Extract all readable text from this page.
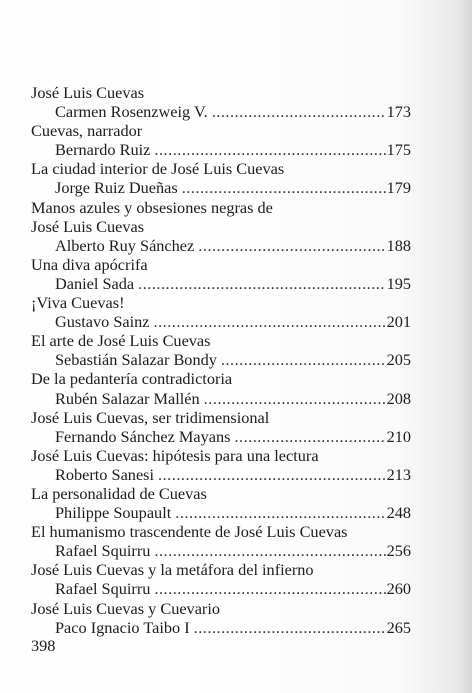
José Luis Cuevas
Carmen Rosenzweig V. .....	173
Cuevas, narrador
Bernardo Ruiz .....	175
La ciudad interior de José Luis Cuevas
Jorge Ruiz Dueñas .....	179
Manos azules y obsesiones negras de
José Luis Cuevas
Alberto Ruy Sánchez .....	188
Una diva apócrifa
Daniel Sada .....	195
¡Viva Cuevas!
Gustavo Sainz .....	201
El arte de José Luis Cuevas
Sebastián Salazar Bondy .....	205
De la pedantería contradictoria
Rubén Salazar Mallén .....	208
José Luis Cuevas, ser tridimensional
Fernando Sánchez Mayans .....	210
José Luis Cuevas: hipótesis para una lectura
Roberto Sanesi .....	213
La personalidad de Cuevas
Philippe Soupault .....	248
El humanismo trascendente de José Luis Cuevas
Rafael Squirru .....	256
José Luis Cuevas y la metáfora del infierno
Rafael Squirru .....	260
José Luis Cuevas y Cuevario
Paco Ignacio Taibo I .....	265
398
